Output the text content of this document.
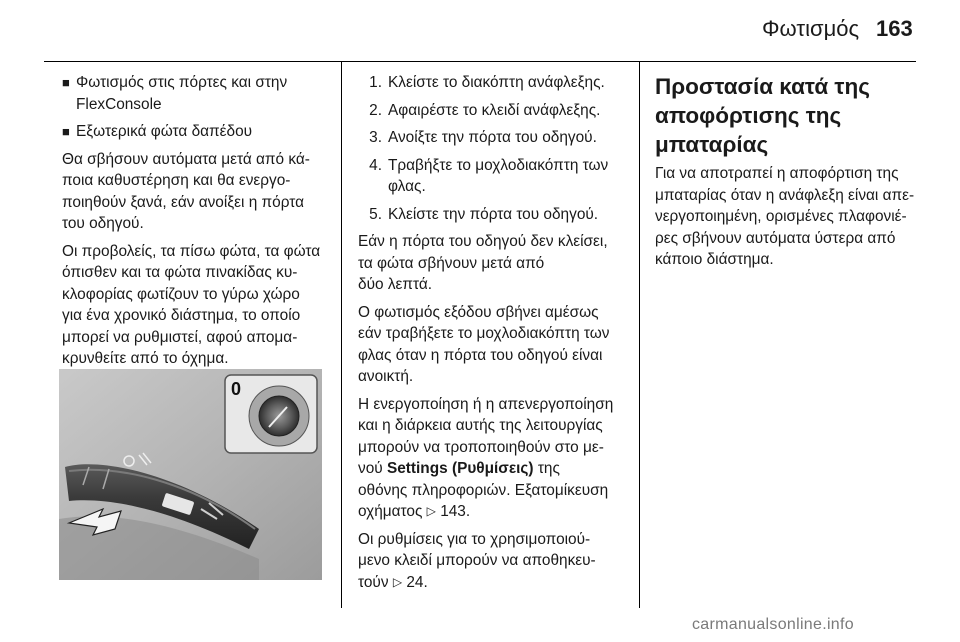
Φωτισμός 163
■ Φωτισμός στις πόρτες και στην
FlexConsole
■ Εξωτερικά φώτα δαπέδου

Θα σβήσουν αυτόματα μετά από κά-
ποια καθυστέρηση και θα ενεργο-
ποιηθούν ξανά, εάν ανοίξει η πόρτα
του οδηγού.

Οι προβολείς, τα πίσω φώτα, τα φώτα
όπισθεν και τα φώτα πινακίδας κυ-
κλοφορίας φωτίζουν το γύρω χώρο
για ένα χρονικό διάστημα, το οποίο
μπορεί να ρυθμιστεί, αφού απομα-
κρυνθείτε από το όχημα.

0
1. Κλείστε το διακόπτη ανάφλεξης.
2. Αφαιρέστε το κλειδί ανάφλεξης.
3. Ανοίξτε την πόρτα του οδηγού.
4. Τραβήξτε το μοχλοδιακόπτη των
φλας.
5. Κλείστε την πόρτα του οδηγού.

Εάν η πόρτα του οδηγού δεν κλείσει,
τα φώτα σβήνουν μετά από
δύο λεπτά.

Ο φωτισμός εξόδου σβήνει αμέσως
εάν τραβήξετε το μοχλοδιακόπτη των
φλας όταν η πόρτα του οδηγού είναι
ανοικτή.

Η ενεργοποίηση ή η απενεργοποίηση
και η διάρκεια αυτής της λειτουργίας
μπορούν να τροποποιηθούν στο με-
νού Settings (Ρυθμίσεις) της
οθόνης πληροφοριών. Εξατομίκευση
οχήματος ▷ 143.

Οι ρυθμίσεις για το χρησιμοποιού-
μενο κλειδί μπορούν να αποθηκευ-
τούν ▷ 24.

Προστασία κατά της
αποφόρτισης της
μπαταρίας

Για να αποτραπεί η αποφόρτιση της
μπαταρίας όταν η ανάφλεξη είναι απε-
νεργοποιημένη, ορισμένες πλαφονιέ-
ρες σβήνουν αυτόματα ύστερα από
κάποιο διάστημα.

carmanualsonline.info
